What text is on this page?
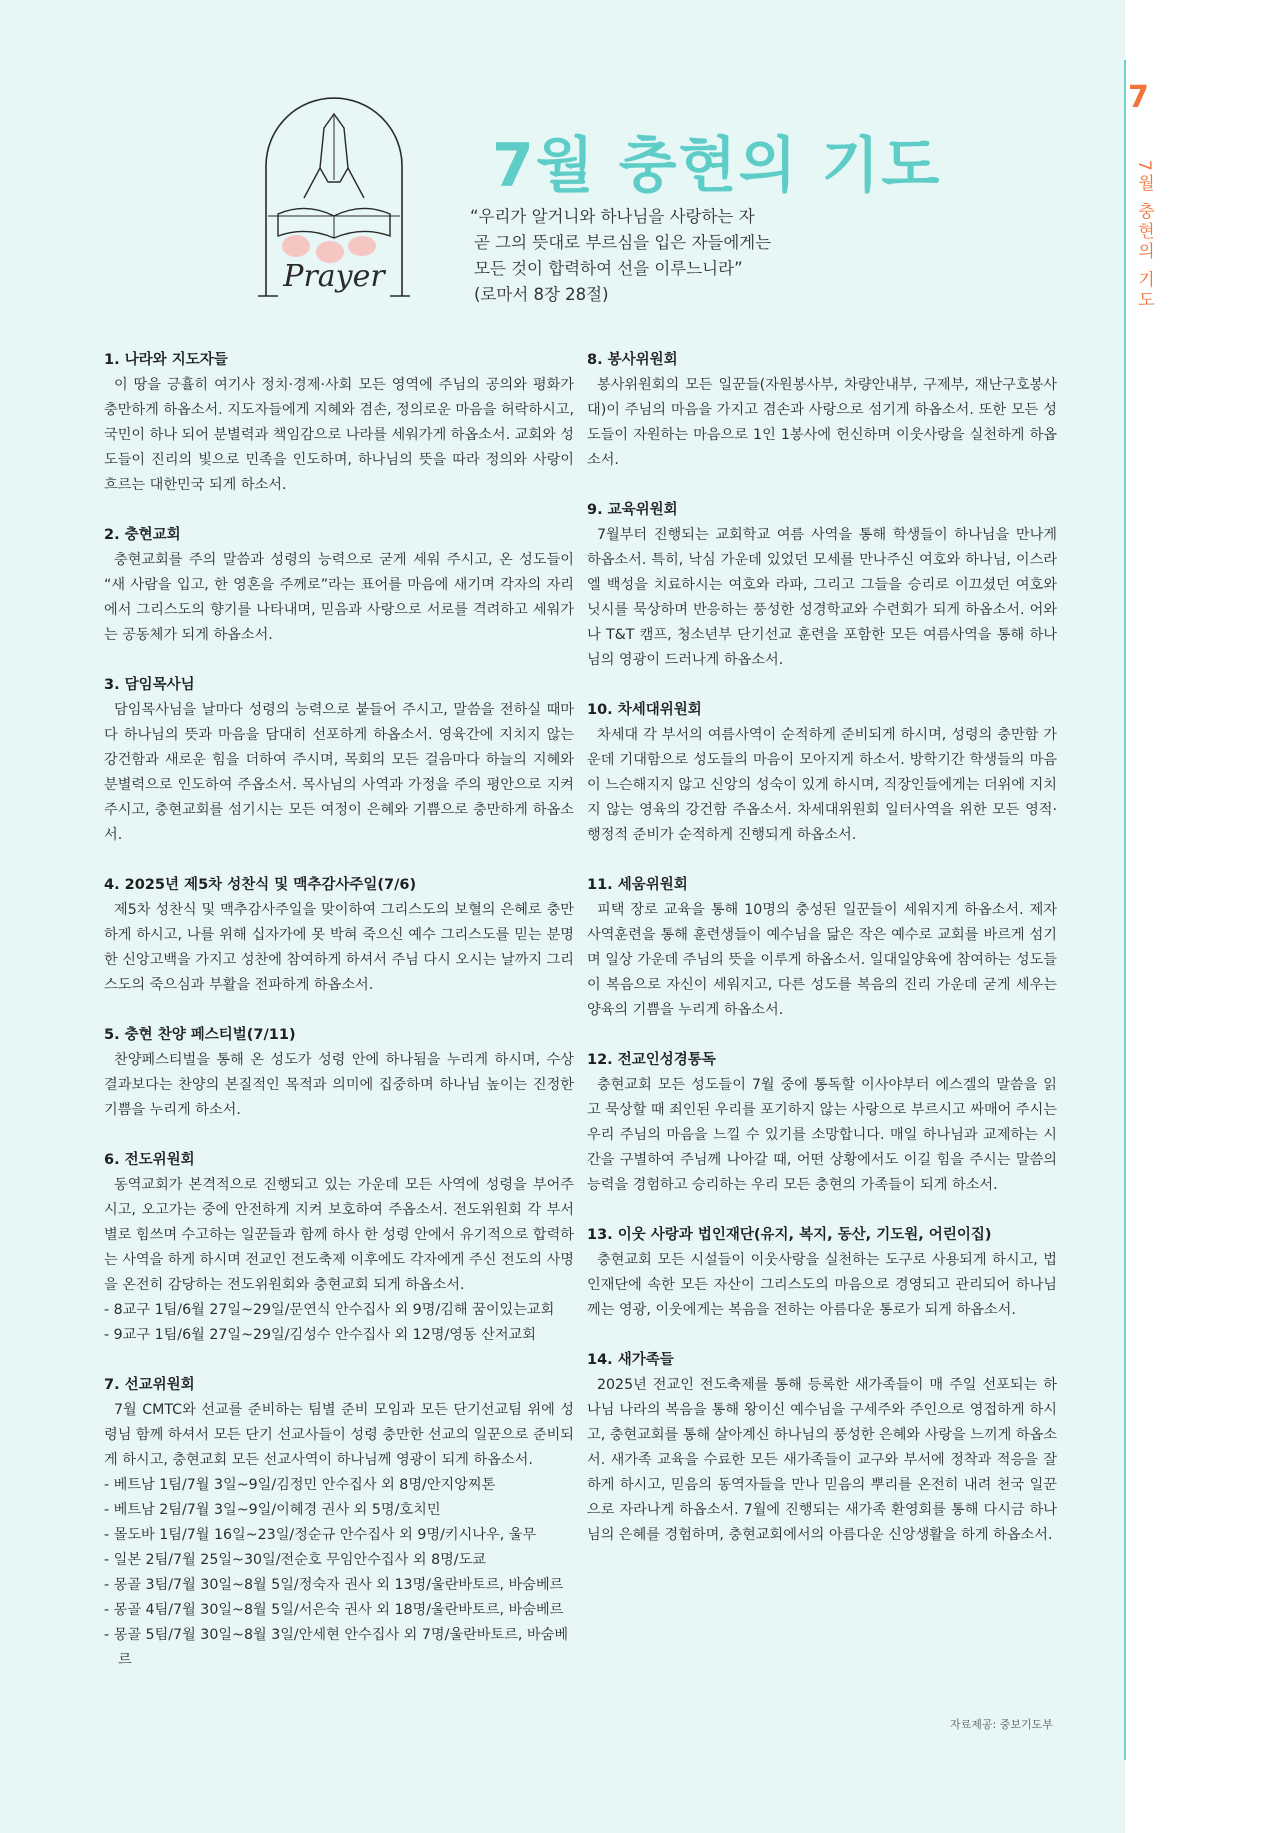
7
7월 충현의 기도
Prayer
7월 충현의 기도
“우리가 알거니와 하나님을 사랑하는 자
곧 그의 뜻대로 부르심을 입은 자들에게는
모든 것이 합력하여 선을 이루느니라”
(로마서 8장 28절)
1. 나라와 지도자들

이 땅을 긍휼히 여기사 정치·경제·사회 모든 영역에 주님의 공의와 평화가 충만하게 하옵소서. 지도자들에게 지혜와 겸손, 정의로운 마음을 허락하시고, 국민이 하나 되어 분별력과 책임감으로 나라를 세워가게 하옵소서. 교회와 성도들이 진리의 빛으로 민족을 인도하며, 하나님의 뜻을 따라 정의와 사랑이 흐르는 대한민국 되게 하소서.

2. 충현교회

충현교회를 주의 말씀과 성령의 능력으로 굳게 세워 주시고, 온 성도들이 “새 사람을 입고, 한 영혼을 주께로”라는 표어를 마음에 새기며 각자의 자리에서 그리스도의 향기를 나타내며, 믿음과 사랑으로 서로를 격려하고 세워가는 공동체가 되게 하옵소서.

3. 담임목사님

담임목사님을 날마다 성령의 능력으로 붙들어 주시고, 말씀을 전하실 때마다 하나님의 뜻과 마음을 담대히 선포하게 하옵소서. 영육간에 지치지 않는 강건함과 새로운 힘을 더하여 주시며, 목회의 모든 걸음마다 하늘의 지혜와 분별력으로 인도하여 주옵소서. 목사님의 사역과 가정을 주의 평안으로 지켜 주시고, 충현교회를 섬기시는 모든 여정이 은혜와 기쁨으로 충만하게 하옵소서.

4. 2025년 제5차 성찬식 및 맥추감사주일(7/6)

제5차 성찬식 및 맥추감사주일을 맞이하여 그리스도의 보혈의 은혜로 충만하게 하시고, 나를 위해 십자가에 못 박혀 죽으신 예수 그리스도를 믿는 분명한 신앙고백을 가지고 성찬에 참여하게 하셔서 주님 다시 오시는 날까지 그리스도의 죽으심과 부활을 전파하게 하옵소서.

5. 충현 찬양 페스티벌(7/11)

찬양페스티벌을 통해 온 성도가 성령 안에 하나됨을 누리게 하시며, 수상 결과보다는 찬양의 본질적인 목적과 의미에 집중하며 하나님 높이는 진정한 기쁨을 누리게 하소서.

6. 전도위원회

동역교회가 본격적으로 진행되고 있는 가운데 모든 사역에 성령을 부어주시고, 오고가는 중에 안전하게 지켜 보호하여 주옵소서. 전도위원회 각 부서별로 힘쓰며 수고하는 일꾼들과 함께 하사 한 성령 안에서 유기적으로 합력하는 사역을 하게 하시며 전교인 전도축제 이후에도 각자에게 주신 전도의 사명을 온전히 감당하는 전도위원회와 충현교회 되게 하옵소서.

- 8교구 1팀/6월 27일~29일/문연식 안수집사 외 9명/김해 꿈이있는교회
- 9교구 1팀/6월 27일~29일/김성수 안수집사 외 12명/영동 산저교회
7. 선교위원회

7월 CMTC와 선교를 준비하는 팀별 준비 모임과 모든 단기선교팀 위에 성령님 함께 하셔서 모든 단기 선교사들이 성령 충만한 선교의 일꾼으로 준비되게 하시고, 충현교회 모든 선교사역이 하나님께 영광이 되게 하옵소서.

- 베트남 1팀/7월 3일~9일/김정민 안수집사 외 8명/안지앙찌톤
- 베트남 2팀/7월 3일~9일/이혜경 권사 외 5명/호치민
- 몰도바 1팀/7월 16일~23일/정순규 안수집사 외 9명/키시나우, 울무
- 일본 2팀/7월 25일~30일/전순호 무임안수집사 외 8명/도쿄
- 몽골 3팀/7월 30일~8월 5일/정숙자 권사 외 13명/울란바토르, 바숨베르
- 몽골 4팀/7월 30일~8월 5일/서은숙 권사 외 18명/울란바토르, 바숨베르
- 몽골 5팀/7월 30일~8월 3일/안세현 안수집사 외 7명/울란바토르, 바숨베르
8. 봉사위원회

봉사위원회의 모든 일꾼들(자원봉사부, 차량안내부, 구제부, 재난구호봉사대)이 주님의 마음을 가지고 겸손과 사랑으로 섬기게 하옵소서. 또한 모든 성도들이 자원하는 마음으로 1인 1봉사에 헌신하며 이웃사랑을 실천하게 하옵소서.

9. 교육위원회

7월부터 진행되는 교회학교 여름 사역을 통해 학생들이 하나님을 만나게 하옵소서. 특히, 낙심 가운데 있었던 모세를 만나주신 여호와 하나님, 이스라엘 백성을 치료하시는 여호와 라파, 그리고 그들을 승리로 이끄셨던 여호와 닛시를 묵상하며 반응하는 풍성한 성경학교와 수련회가 되게 하옵소서. 어와나 T&T 캠프, 청소년부 단기선교 훈련을 포함한 모든 여름사역을 통해 하나님의 영광이 드러나게 하옵소서.

10. 차세대위원회

차세대 각 부서의 여름사역이 순적하게 준비되게 하시며, 성령의 충만함 가운데 기대함으로 성도들의 마음이 모아지게 하소서. 방학기간 학생들의 마음이 느슨해지지 않고 신앙의 성숙이 있게 하시며, 직장인들에게는 더위에 지치지 않는 영육의 강건함 주옵소서. 차세대위원회 일터사역을 위한 모든 영적·행정적 준비가 순적하게 진행되게 하옵소서.

11. 세움위원회

피택 장로 교육을 통해 10명의 충성된 일꾼들이 세워지게 하옵소서. 제자사역훈련을 통해 훈련생들이 예수님을 닮은 작은 예수로 교회를 바르게 섬기며 일상 가운데 주님의 뜻을 이루게 하옵소서. 일대일양육에 참여하는 성도들이 복음으로 자신이 세워지고, 다른 성도를 복음의 진리 가운데 굳게 세우는 양육의 기쁨을 누리게 하옵소서.

12. 전교인성경통독

충현교회 모든 성도들이 7월 중에 통독할 이사야부터 에스겔의 말씀을 읽고 묵상할 때 죄인된 우리를 포기하지 않는 사랑으로 부르시고 싸매어 주시는 우리 주님의 마음을 느낄 수 있기를 소망합니다. 매일 하나님과 교제하는 시간을 구별하여 주님께 나아갈 때, 어떤 상황에서도 이길 힘을 주시는 말씀의 능력을 경험하고 승리하는 우리 모든 충현의 가족들이 되게 하소서.

13. 이웃 사랑과 법인재단(유지, 복지, 동산, 기도원, 어린이집)

충현교회 모든 시설들이 이웃사랑을 실천하는 도구로 사용되게 하시고, 법인재단에 속한 모든 자산이 그리스도의 마음으로 경영되고 관리되어 하나님께는 영광, 이웃에게는 복음을 전하는 아름다운 통로가 되게 하옵소서.

14. 새가족들

2025년 전교인 전도축제를 통해 등록한 새가족들이 매 주일 선포되는 하나님 나라의 복음을 통해 왕이신 예수님을 구세주와 주인으로 영접하게 하시고, 충현교회를 통해 살아계신 하나님의 풍성한 은혜와 사랑을 느끼게 하옵소서. 새가족 교육을 수료한 모든 새가족들이 교구와 부서에 정착과 적응을 잘하게 하시고, 믿음의 동역자들을 만나 믿음의 뿌리를 온전히 내려 천국 일꾼으로 자라나게 하옵소서. 7월에 진행되는 새가족 환영회를 통해 다시금 하나님의 은혜를 경험하며, 충현교회에서의 아름다운 신앙생활을 하게 하옵소서.

자료제공: 중보기도부
